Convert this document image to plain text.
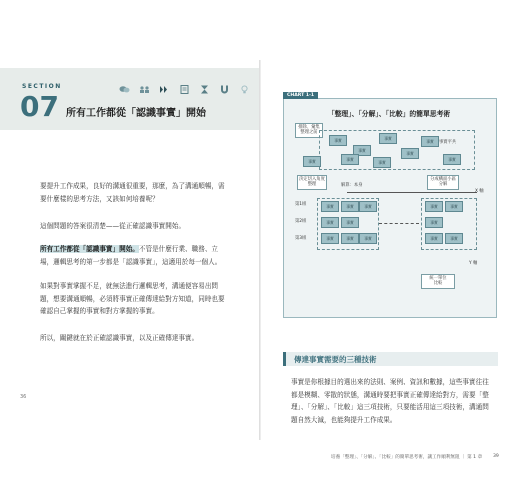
SECTION
07 所有工作都從「認識事實」開始
要提升工作成果，良好的溝通很重要，那麼，為了溝通順暢，需要什麼樣的思考方法，又該如何培養呢？
這個問題的答案很清楚——從正確認識事實開始。
所有工作都從「認識事實」開始。不管是什麼行業、職務、立場，邏輯思考的第一步都是「認識事實」，這適用於每一個人。
如果對事實掌握不足，就無法進行邏輯思考，溝通便容易出問題，想要溝通順暢，必須將事實正確傳達給對方知道，同時也要確認自己掌握的事實和對方掌握的事實。
所以，關鍵就在於正確認識事實，以及正確傳達事實。
36
CHART 1-1
「整理」、「分解」、「比較」的簡單思考術
排除、彙集
整理之前
事實平共
事實
事實
事實
事實
事實
事實
事實
事實
事實
決定切入角度
整理	解算：本身
分成構面小區
分解
X 軸
第1組
第2組
第3組
事實	事實	事實
事實	事實
事實	事實	事實
事實	事實
事實
事實	事實
Y 軸
統一單位
比較
傳達事實需要的三種技術
事實是你根據目的選出來的法則、案例、資訊和數據，這些事實往往都是模糊、零散的狀態，溝通時要把事實正確傳達給對方，需要「整理」、「分解」、「比較」這三項技術，只要能活用這三項技術，溝通問題自然大減，也能夠提升工作成果。
培養「整理」、「分解」、「比較」的簡單思考術，讓工作順利無阻 ｜ 第 1 章 39
